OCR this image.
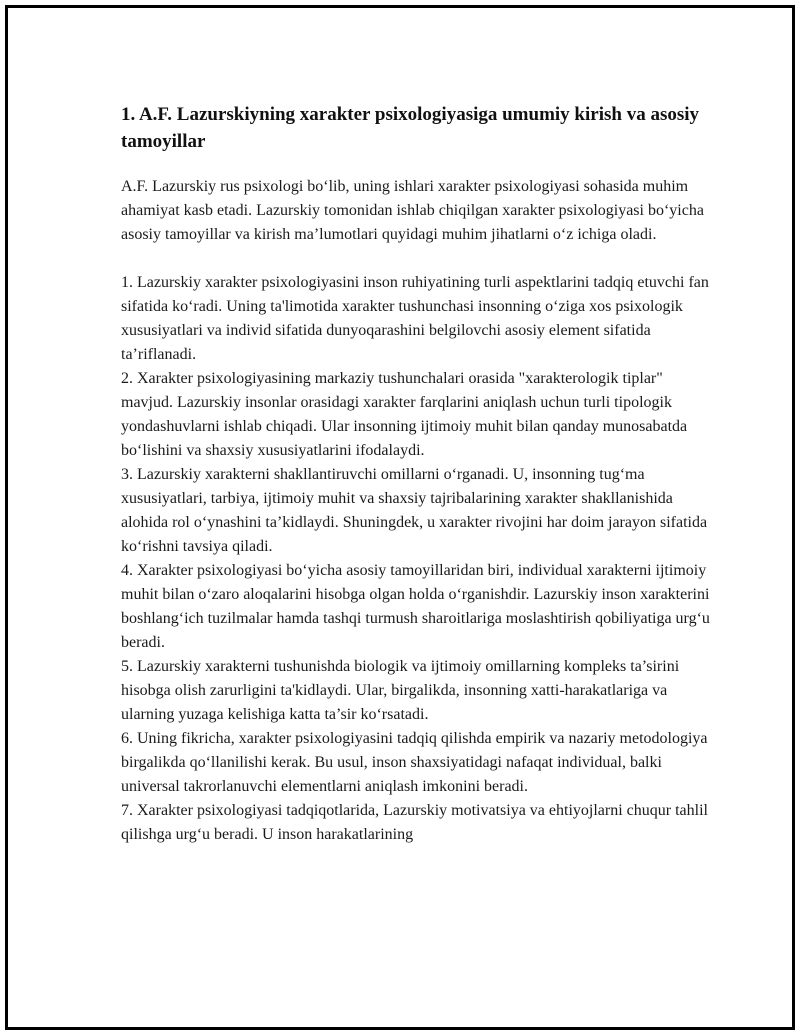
1. A.F. Lazurskiyning xarakter psixologiyasiga umumiy kirish va asosiy tamoyillar

A.F. Lazurskiy rus psixologi bo‘lib, uning ishlari xarakter psixologiyasi sohasida muhim ahamiyat kasb etadi. Lazurskiy tomonidan ishlab chiqilgan xarakter psixologiyasi bo‘yicha asosiy tamoyillar va kirish ma’lumotlari quyidagi muhim jihatlarni o‘z ichiga oladi.

1. Lazurskiy xarakter psixologiyasini inson ruhiyatining turli aspektlarini tadqiq etuvchi fan sifatida ko‘radi. Uning ta'limotida xarakter tushunchasi insonning o‘ziga xos psixologik xususiyatlari va individ sifatida dunyoqarashini belgilovchi asosiy element sifatida ta’riflanadi.

2. Xarakter psixologiyasining markaziy tushunchalari orasida "xarakterologik tiplar" mavjud. Lazurskiy insonlar orasidagi xarakter farqlarini aniqlash uchun turli tipologik yondashuvlarni ishlab chiqadi. Ular insonning ijtimoiy muhit bilan qanday munosabatda bo‘lishini va shaxsiy xususiyatlarini ifodalaydi.

3. Lazurskiy xarakterni shakllantiruvchi omillarni o‘rganadi. U, insonning tug‘ma xususiyatlari, tarbiya, ijtimoiy muhit va shaxsiy tajribalarining xarakter shakllanishida alohida rol o‘ynashini ta’kidlaydi. Shuningdek, u xarakter rivojini har doim jarayon sifatida ko‘rishni tavsiya qiladi.

4. Xarakter psixologiyasi bo‘yicha asosiy tamoyillaridan biri, individual xarakterni ijtimoiy muhit bilan o‘zaro aloqalarini hisobga olgan holda o‘rganishdir. Lazurskiy inson xarakterini boshlang‘ich tuzilmalar hamda tashqi turmush sharoitlariga moslashtirish qobiliyatiga urg‘u beradi.

5. Lazurskiy xarakterni tushunishda biologik va ijtimoiy omillarning kompleks ta’sirini hisobga olish zarurligini ta'kidlaydi. Ular, birgalikda, insonning xatti-harakatlariga va ularning yuzaga kelishiga katta ta’sir ko‘rsatadi.

6. Uning fikricha, xarakter psixologiyasini tadqiq qilishda empirik va nazariy metodologiya birgalikda qo‘llanilishi kerak. Bu usul, inson shaxsiyatidagi nafaqat individual, balki universal takrorlanuvchi elementlarni aniqlash imkonini beradi.

7. Xarakter psixologiyasi tadqiqotlarida, Lazurskiy motivatsiya va ehtiyojlarni chuqur tahlil qilishga urg‘u beradi. U inson harakatlarining
